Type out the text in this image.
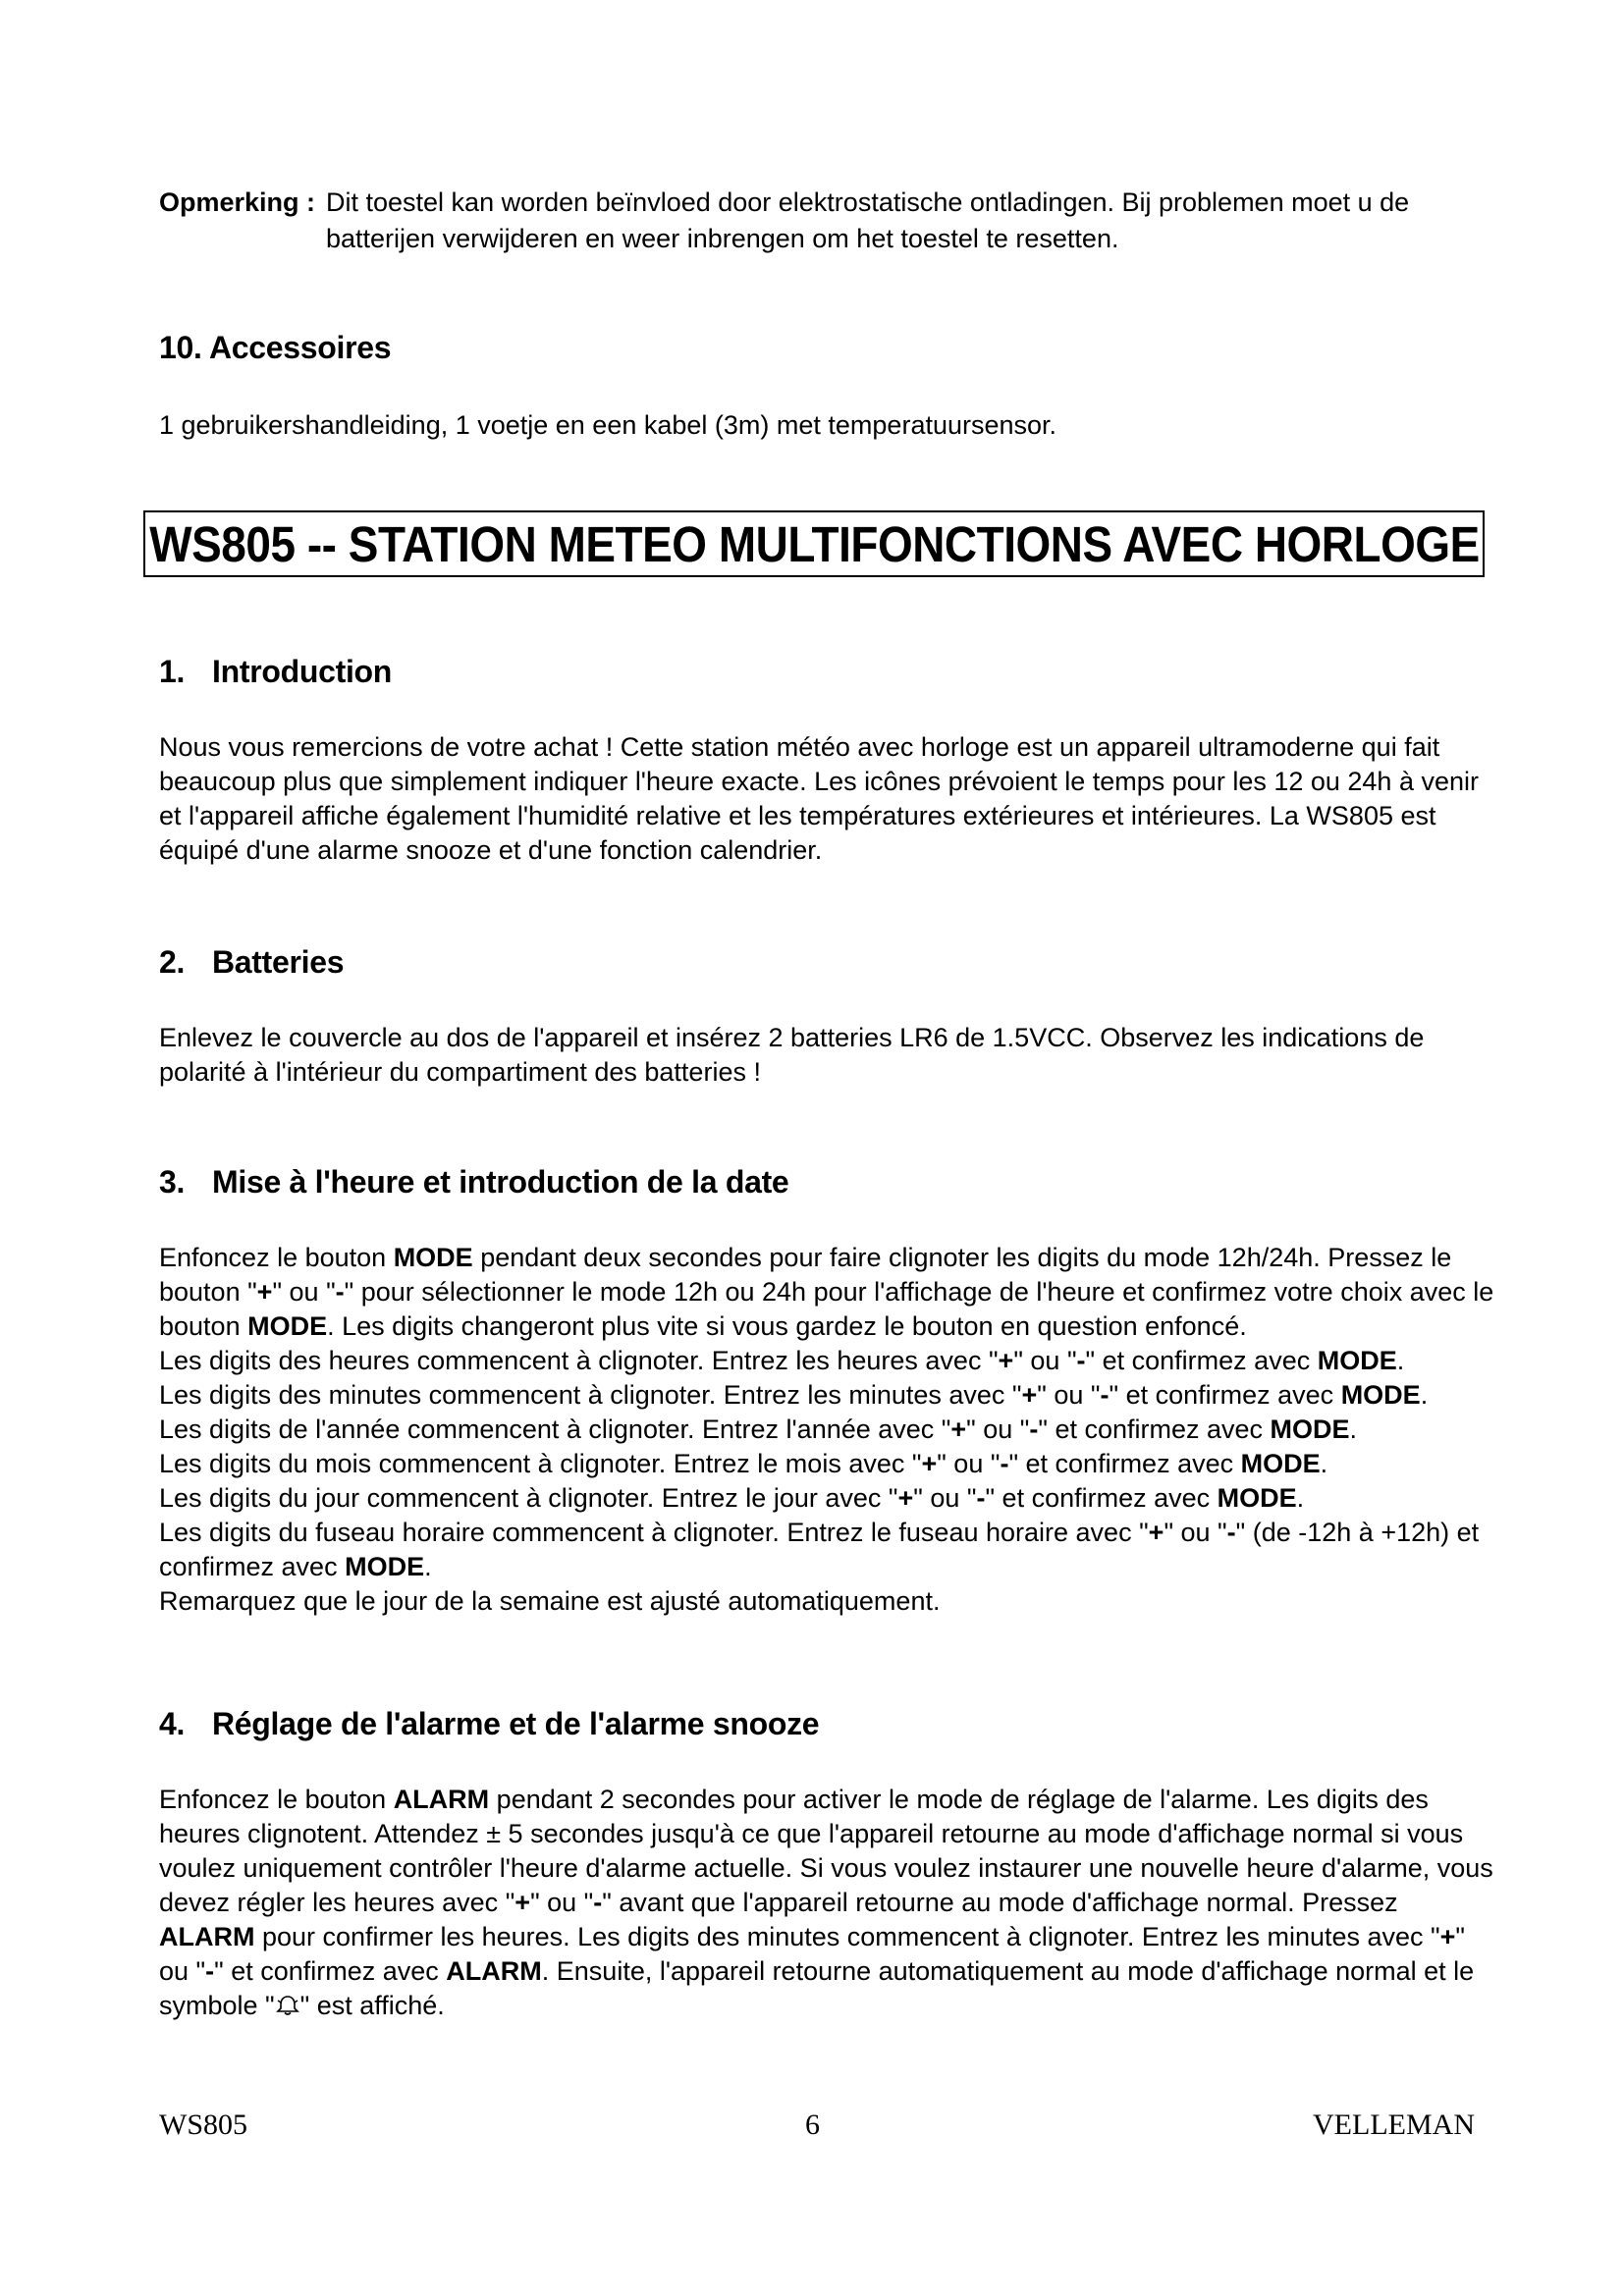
Opmerking : Dit toestel kan worden beïnvloed door elektrostatische ontladingen. Bij problemen moet u de batterijen verwijderen en weer inbrengen om het toestel te resetten.
10. Accessoires
1 gebruikershandleiding, 1 voetje en een kabel (3m) met temperatuursensor.
WS805 -- STATION METEO MULTIFONCTIONS AVEC HORLOGE
1. Introduction
Nous vous remercions de votre achat ! Cette station météo avec horloge est un appareil ultramoderne qui fait beaucoup plus que simplement indiquer l'heure exacte. Les icônes prévoient le temps pour les 12 ou 24h à venir et l'appareil affiche également l'humidité relative et les températures extérieures et intérieures. La WS805 est équipé d'une alarme snooze et d'une fonction calendrier.
2. Batteries
Enlevez le couvercle au dos de l'appareil et insérez 2 batteries LR6 de 1.5VCC. Observez les indications de polarité à l'intérieur du compartiment des batteries !
3. Mise à l'heure et introduction de la date

Enfoncez le bouton MODE pendant deux secondes pour faire clignoter les digits du mode 12h/24h. Pressez le bouton "+" ou "-" pour sélectionner le mode 12h ou 24h pour l'affichage de l'heure et confirmez votre choix avec le bouton MODE. Les digits changeront plus vite si vous gardez le bouton en question enfoncé.

Les digits des heures commencent à clignoter. Entrez les heures avec "+" ou "-" et confirmez avec MODE.

Les digits des minutes commencent à clignoter. Entrez les minutes avec "+" ou "-" et confirmez avec MODE.

Les digits de l'année commencent à clignoter. Entrez l'année avec "+" ou "-" et confirmez avec MODE.

Les digits du mois commencent à clignoter. Entrez le mois avec "+" ou "-" et confirmez avec MODE.

Les digits du jour commencent à clignoter. Entrez le jour avec "+" ou "-" et confirmez avec MODE.

Les digits du fuseau horaire commencent à clignoter. Entrez le fuseau horaire avec "+" ou "-" (de -12h à +12h) et confirmez avec MODE.

Remarquez que le jour de la semaine est ajusté automatiquement.

4. Réglage de l'alarme et de l'alarme snooze

Enfoncez le bouton ALARM pendant 2 secondes pour activer le mode de réglage de l'alarme. Les digits des heures clignotent. Attendez ± 5 secondes jusqu'à ce que l'appareil retourne au mode d'affichage normal si vous voulez uniquement contrôler l'heure d'alarme actuelle. Si vous voulez instaurer une nouvelle heure d'alarme, vous devez régler les heures avec "+" ou "-" avant que l'appareil retourne au mode d'affichage normal. Pressez ALARM pour confirmer les heures. Les digits des minutes commencent à clignoter. Entrez les minutes avec "+" ou "-" et confirmez avec ALARM. Ensuite, l'appareil retourne automatiquement au mode d'affichage normal et le symbole " " est affiché.

WS805	6	VELLEMAN
